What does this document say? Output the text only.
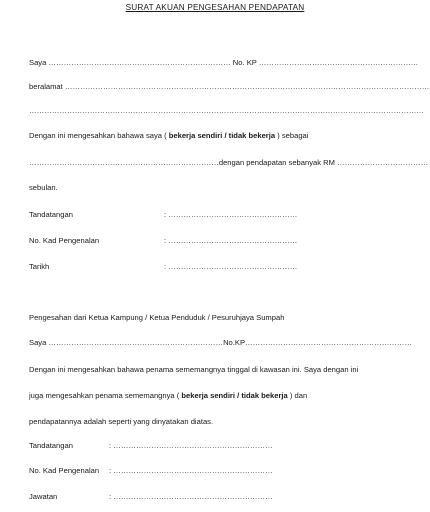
SURAT AKUAN PENGESAHAN PENDAPATAN
Saya ……………………………………………………………… No. KP ………………………………………………………
beralamat ………………………………………………………………………………………………………………………………
…………………………………………………………………………………………………………………………………………
Dengan ini mengesahkan bahawa saya ( bekerja sendiri / tidak bekerja ) sebagai
…………………………………………………………………dengan pendapatan sebanyak RM ………………………………
sebulan.
Tandatangan	: ……………………………………………
No. Kad Pengenalan	: ……………………………………………
Tarikh	: ……………………………………………
Pengesahan dari Ketua Kampung / Ketua Penduduk / Pesuruhjaya Sumpah
Saya ……………………………………………………………No.KP…………………………………………………………
Dengan ini mengesahkan bahawa penama sememangnya tinggal di kawasan ini. Saya dengan ini
juga mengesahkan penama sememangnya ( bekerja sendiri / tidak bekerja ) dan
pendapatannya adalah seperti yang dinyatakan diatas.
Tandatangan	: ………………………………………………………
No. Kad Pengenalan : ………………………………………………………
Jawatan	: ………………………………………………………
